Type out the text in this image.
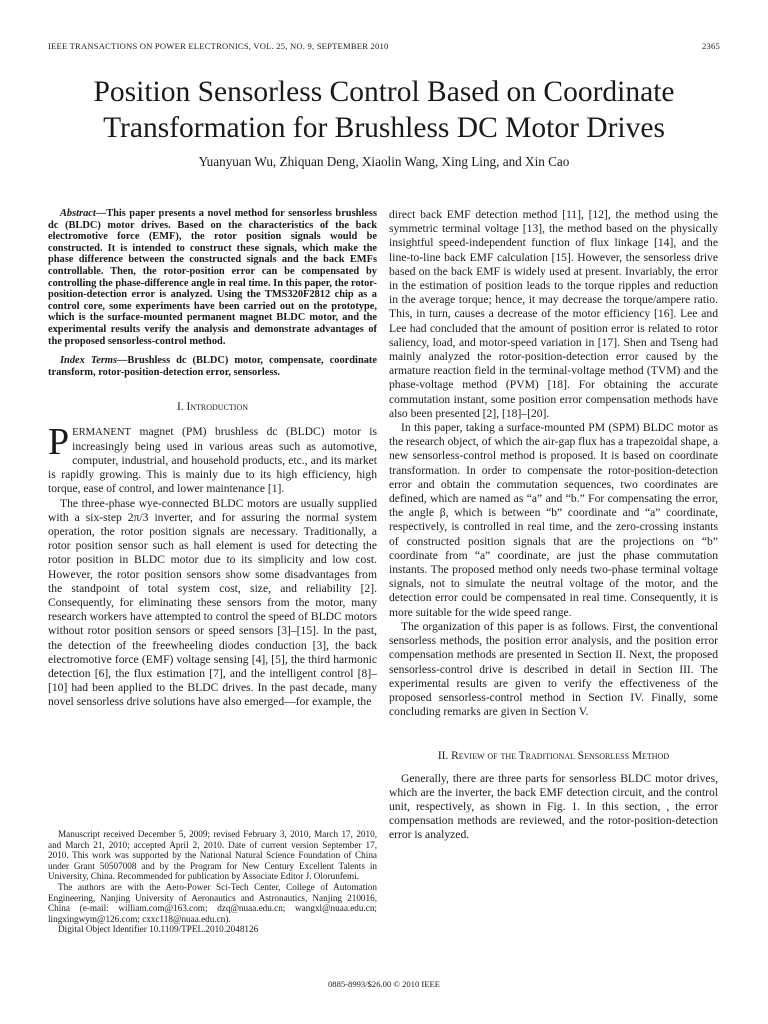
IEEE TRANSACTIONS ON POWER ELECTRONICS, VOL. 25, NO. 9, SEPTEMBER 2010	2365
Position Sensorless Control Based on Coordinate
Transformation for Brushless DC Motor Drives
Yuanyuan Wu, Zhiquan Deng, Xiaolin Wang, Xing Ling, and Xin Cao

Abstract—This paper presents a novel method for sensorless brushless dc (BLDC) motor drives. Based on the characteristics of the back electromotive force (EMF), the rotor position signals would be constructed. It is intended to construct these signals, which make the phase difference between the constructed signals and the back EMFs controllable. Then, the rotor-position error can be compensated by controlling the phase-difference angle in real time. In this paper, the rotor-position-detection error is analyzed. Using the TMS320F2812 chip as a control core, some experiments have been carried out on the prototype, which is the surface-mounted permanent magnet BLDC motor, and the experimental results verify the analysis and demonstrate advantages of the proposed sensorless-control method.

Index Terms—Brushless dc (BLDC) motor, compensate, coordinate transform, rotor-position-detection error, sensorless.

I. Introduction

PERMANENT magnet (PM) brushless dc (BLDC) motor is increasingly being used in various areas such as automotive, computer, industrial, and household products, etc., and its market is rapidly growing. This is mainly due to its high efficiency, high torque, ease of control, and lower maintenance [1].

The three-phase wye-connected BLDC motors are usually supplied with a six-step 2π/3 inverter, and for assuring the normal system operation, the rotor position signals are necessary. Traditionally, a rotor position sensor such as hall element is used for detecting the rotor position in BLDC motor due to its simplicity and low cost. However, the rotor position sensors show some disadvantages from the standpoint of total system cost, size, and reliability [2]. Consequently, for eliminating these sensors from the motor, many research workers have attempted to control the speed of BLDC motors without rotor position sensors or speed sensors [3]–[15]. In the past, the detection of the freewheeling diodes conduction [3], the back electromotive force (EMF) voltage sensing [4], [5], the third harmonic detection [6], the flux estimation [7], and the intelligent control [8]–[10] had been applied to the BLDC drives. In the past decade, many novel sensorless drive solutions have also emerged—for example, the

Manuscript received December 5, 2009; revised February 3, 2010, March 17, 2010, and March 21, 2010; accepted April 2, 2010. Date of current version September 17, 2010. This work was supported by the National Natural Science Foundation of China under Grant 50507008 and by the Program for New Century Excellent Talents in University, China. Recommended for publication by Associate Editor J. Olorunfemi.

The authors are with the Aero-Power Sci-Tech Center, College of Automation Engineering, Nanjing University of Aeronautics and Astronautics, Nanjing 210016, China (e-mail: william.com@163.com; dzq@nuaa.edu.cn; wangxl@nuaa.edu.cn; lingxingwym@126.com; cxxc118@nuaa.edu.cn).

Digital Object Identifier 10.1109/TPEL.2010.2048126

direct back EMF detection method [11], [12], the method using the symmetric terminal voltage [13], the method based on the physically insightful speed-independent function of flux linkage [14], and the line-to-line back EMF calculation [15]. However, the sensorless drive based on the back EMF is widely used at present. Invariably, the error in the estimation of position leads to the torque ripples and reduction in the average torque; hence, it may decrease the torque/ampere ratio. This, in turn, causes a decrease of the motor efficiency [16]. Lee and Lee had concluded that the amount of position error is related to rotor saliency, load, and motor-speed variation in [17]. Shen and Tseng had mainly analyzed the rotor-position-detection error caused by the armature reaction field in the terminal-voltage method (TVM) and the phase-voltage method (PVM) [18]. For obtaining the accurate commutation instant, some position error compensation methods have also been presented [2], [18]–[20].

In this paper, taking a surface-mounted PM (SPM) BLDC motor as the research object, of which the air-gap flux has a trapezoidal shape, a new sensorless-control method is proposed. It is based on coordinate transformation. In order to compensate the rotor-position-detection error and obtain the commutation sequences, two coordinates are defined, which are named as “a” and “b.” For compensating the error, the angle β, which is between “b” coordinate and “a” coordinate, respectively, is controlled in real time, and the zero-crossing instants of constructed position signals that are the projections on “b” coordinate from “a” coordinate, are just the phase commutation instants. The proposed method only needs two-phase terminal voltage signals, not to simulate the neutral voltage of the motor, and the detection error could be compensated in real time. Consequently, it is more suitable for the wide speed range.

The organization of this paper is as follows. First, the conventional sensorless methods, the position error analysis, and the position error compensation methods are presented in Section II. Next, the proposed sensorless-control drive is described in detail in Section III. The experimental results are given to verify the effectiveness of the proposed sensorless-control method in Section IV. Finally, some concluding remarks are given in Section V.

II. Review of the Traditional Sensorless Method

Generally, there are three parts for sensorless BLDC motor drives, which are the inverter, the back EMF detection circuit, and the control unit, respectively, as shown in Fig. 1. In this section, , the error compensation methods are reviewed, and the rotor-position-detection error is analyzed.

0885-8993/$26.00 © 2010 IEEE
